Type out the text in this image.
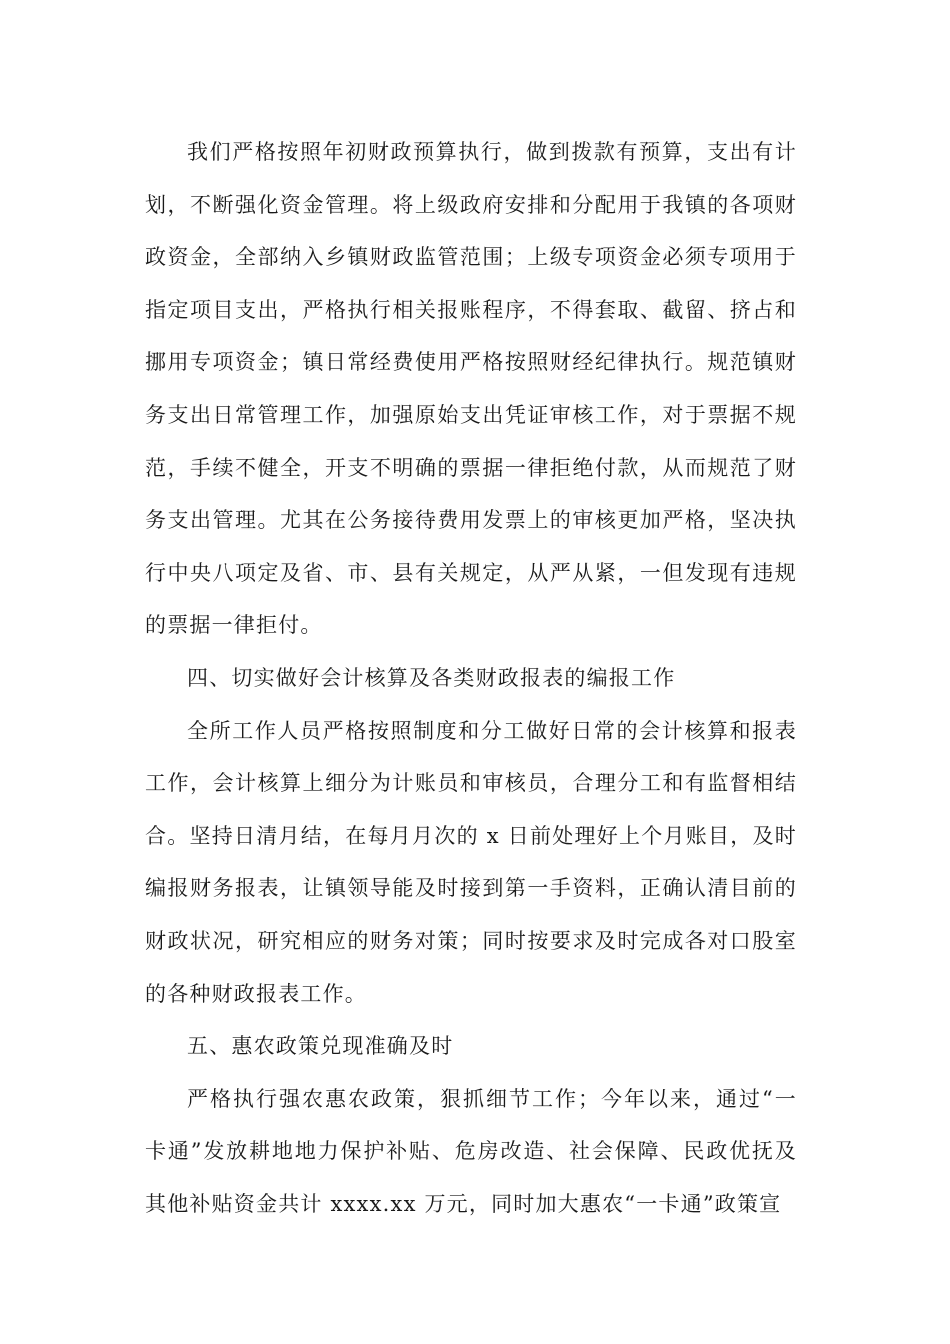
我们严格按照年初财政预算执行，做到拨款有预算，支出有计划，不断强化资金管理。将上级政府安排和分配用于我镇的各项财政资金，全部纳入乡镇财政监管范围；上级专项资金必须专项用于指定项目支出，严格执行相关报账程序，不得套取、截留、挤占和挪用专项资金；镇日常经费使用严格按照财经纪律执行。规范镇财务支出日常管理工作，加强原始支出凭证审核工作，对于票据不规范，手续不健全，开支不明确的票据一律拒绝付款，从而规范了财务支出管理。尤其在公务接待费用发票上的审核更加严格，坚决执行中央八项定及省、市、县有关规定，从严从紧，一但发现有违规的票据一律拒付。

四、切实做好会计核算及各类财政报表的编报工作

全所工作人员严格按照制度和分工做好日常的会计核算和报表工作，会计核算上细分为计账员和审核员，合理分工和有监督相结合。坚持日清月结，在每月月次的 x 日前处理好上个月账目，及时编报财务报表，让镇领导能及时接到第一手资料，正确认清目前的财政状况，研究相应的财务对策；同时按要求及时完成各对口股室的各种财政报表工作。

五、惠农政策兑现准确及时

严格执行强农惠农政策，狠抓细节工作；今年以来，通过“一卡通”发放耕地地力保护补贴、危房改造、社会保障、民政优抚及其他补贴资金共计 xxxx.xx 万元，同时加大惠农“一卡通”政策宣
